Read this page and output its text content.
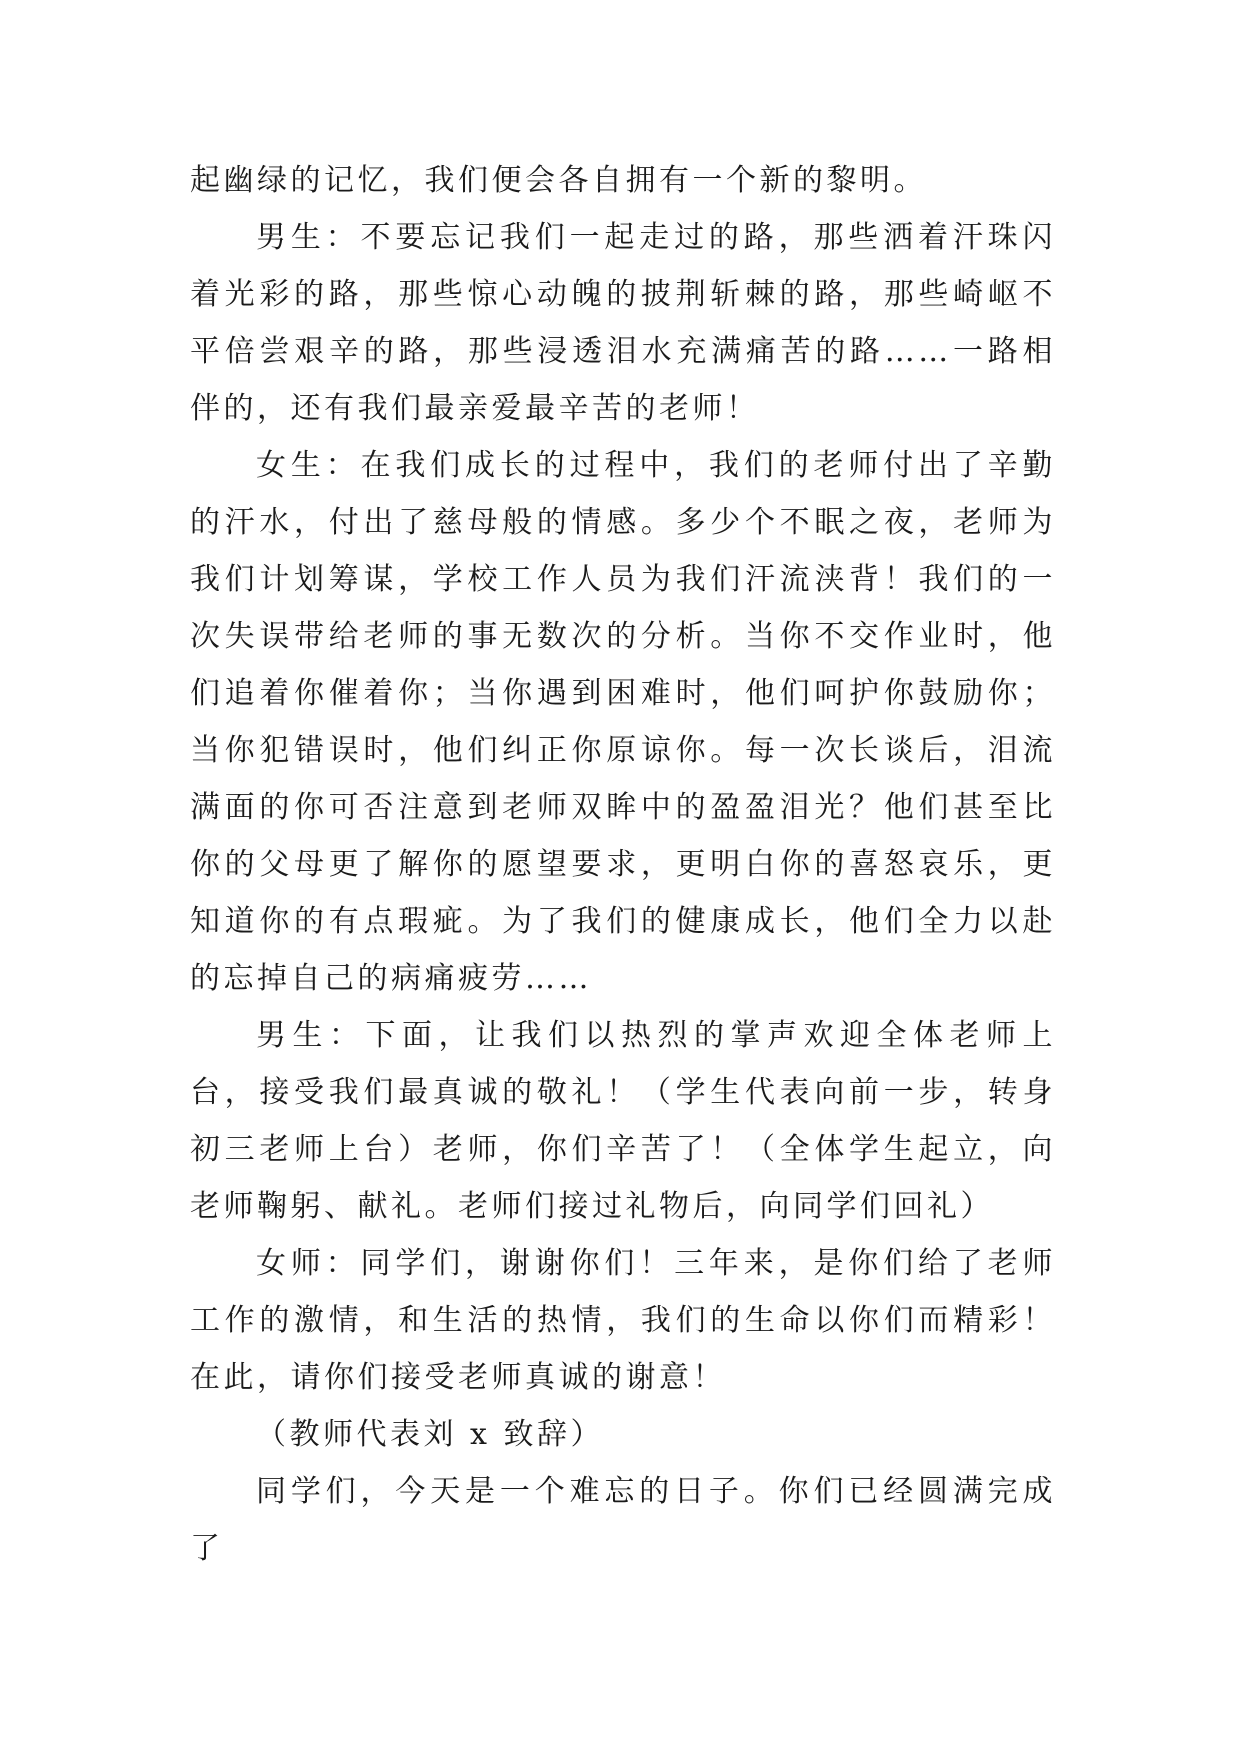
起幽绿的记忆，我们便会各自拥有一个新的黎明。

男生：不要忘记我们一起走过的路，那些洒着汗珠闪着光彩的路，那些惊心动魄的披荆斩棘的路，那些崎岖不平倍尝艰辛的路，那些浸透泪水充满痛苦的路……一路相伴的，还有我们最亲爱最辛苦的老师！

女生：在我们成长的过程中，我们的老师付出了辛勤的汗水，付出了慈母般的情感。多少个不眠之夜，老师为我们计划筹谋，学校工作人员为我们汗流浃背！我们的一次失误带给老师的事无数次的分析。当你不交作业时，他们追着你催着你；当你遇到困难时，他们呵护你鼓励你；当你犯错误时，他们纠正你原谅你。每一次长谈后，泪流满面的你可否注意到老师双眸中的盈盈泪光？他们甚至比你的父母更了解你的愿望要求，更明白你的喜怒哀乐，更知道你的有点瑕疵。为了我们的健康成长，他们全力以赴的忘掉自己的病痛疲劳……

男生：下面，让我们以热烈的掌声欢迎全体老师上台，接受我们最真诚的敬礼！（学生代表向前一步，转身初三老师上台）老师，你们辛苦了！（全体学生起立，向老师鞠躬、献礼。老师们接过礼物后，向同学们回礼）

女师：同学们，谢谢你们！三年来，是你们给了老师工作的激情，和生活的热情，我们的生命以你们而精彩！在此，请你们接受老师真诚的谢意！

（教师代表刘 x 致辞）

同学们，今天是一个难忘的日子。你们已经圆满完成了
